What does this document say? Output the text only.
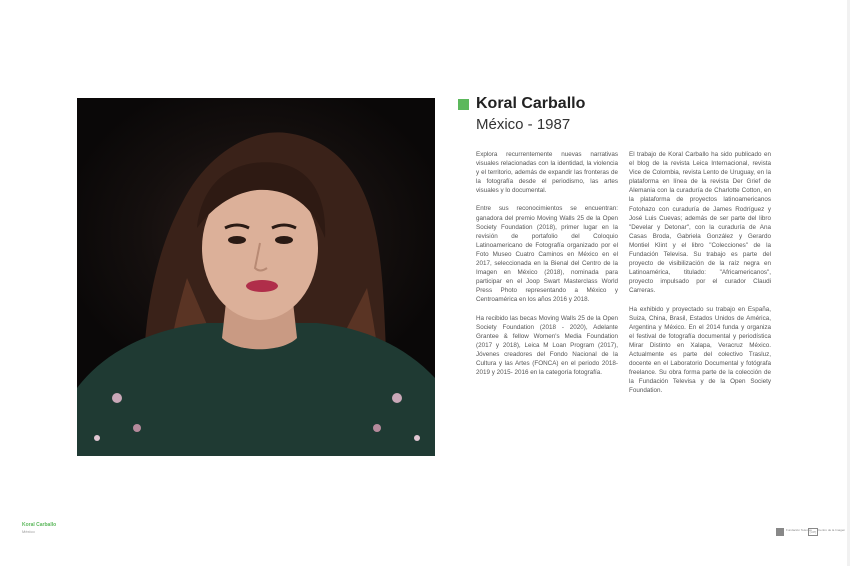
Koral Carballo
México - 1987

Explora recurrentemente nuevas narrativas visuales relacionadas con la identidad, la violencia y el territorio, además de expandir las fronteras de la fotografía desde el periodismo, las artes visuales y lo documental.

Entre sus reconocimientos se encuentran: ganadora del premio Moving Walls 25 de la Open Society Foundation (2018), primer lugar en la revisión de portafolio del Coloquio Latinoamericano de Fotografía organizado por el Foto Museo Cuatro Caminos en México en el 2017, seleccionada en la Bienal del Centro de la Imagen en México (2018), nominada para participar en el Joop Swart Masterclass World Press Photo representando a México y Centroamérica en los años 2016 y 2018.

Ha recibido las becas Moving Walls 25 de la Open Society Foundation (2018 - 2020), Adelante Grantee & fellow Women's Media Foundation (2017 y 2018), Leica M Loan Program (2017), Jóvenes creadores del Fondo Nacional de la Cultura y las Artes (FONCA) en el periodo 2018- 2019 y 2015- 2016 en la categoría fotografía.

El trabajo de Koral Carballo ha sido publicado en el blog de la revista Leica Internacional, revista Vice de Colombia, revista Lento de Uruguay, en la plataforma en línea de la revista Der Grief de Alemania con la curaduría de Charlotte Cotton, en la plataforma de proyectos latinoamericanos Fotohazo con curaduría de James Rodríguez y José Luis Cuevas; además de ser parte del libro "Develar y Detonar", con la curaduría de Ana Casas Broda, Gabriela González y Gerardo Montiel Klint y el libro "Colecciones" de la Fundación Televisa. Su trabajo es parte del proyecto de visibilización de la raíz negra en Latinoamérica, titulado: "Africamericanos", proyecto impulsado por el curador Claudi Carreras.

Ha exhibido y proyectado su trabajo en España, Suiza, China, Brasil, Estados Unidos de América, Argentina y México. En el 2014 funda y organiza el festival de fotografía documental y periodística Mirar Distinto en Xalapa, Veracruz México. Actualmente es parte del colectivo Trasluz, docente en el Laboratorio Documental y fotógrafa freelance. Su obra forma parte de la colección de la Fundación Televisa y de la Open Society Foundation.

Koral Carballo
México	Fundación Televisa
[ciP] Centro de la Imagen
